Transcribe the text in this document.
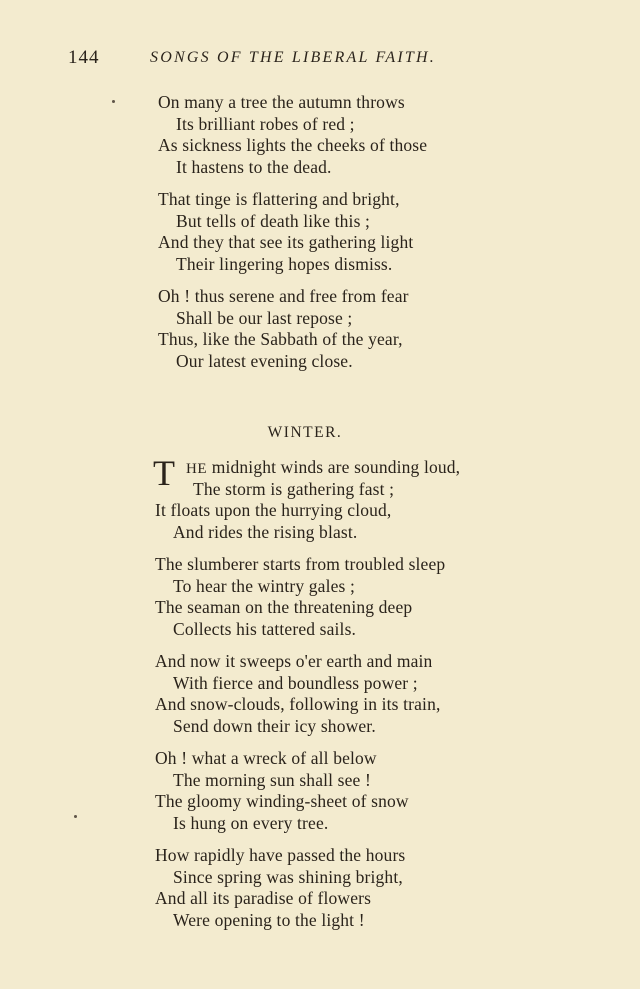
144	SONGS OF THE LIBERAL FAITH.
On many a tree the autumn throws
Its brilliant robes of red ;
As sickness lights the cheeks of those
It hastens to the dead.
That tinge is flattering and bright,
But tells of death like this ;
And they that see its gathering light
Their lingering hopes dismiss.
Oh ! thus serene and free from fear
Shall be our last repose ;
Thus, like the Sabbath of the year,
Our latest evening close.
WINTER.
T HE midnight winds are sounding loud,
The storm is gathering fast ;
It floats upon the hurrying cloud,
And rides the rising blast.
The slumberer starts from troubled sleep
To hear the wintry gales ;
The seaman on the threatening deep
Collects his tattered sails.
And now it sweeps o'er earth and main
With fierce and boundless power ;
And snow-clouds, following in its train,
Send down their icy shower.
Oh ! what a wreck of all below
The morning sun shall see !
The gloomy winding-sheet of snow
Is hung on every tree.
How rapidly have passed the hours
Since spring was shining bright,
And all its paradise of flowers
Were opening to the light !
